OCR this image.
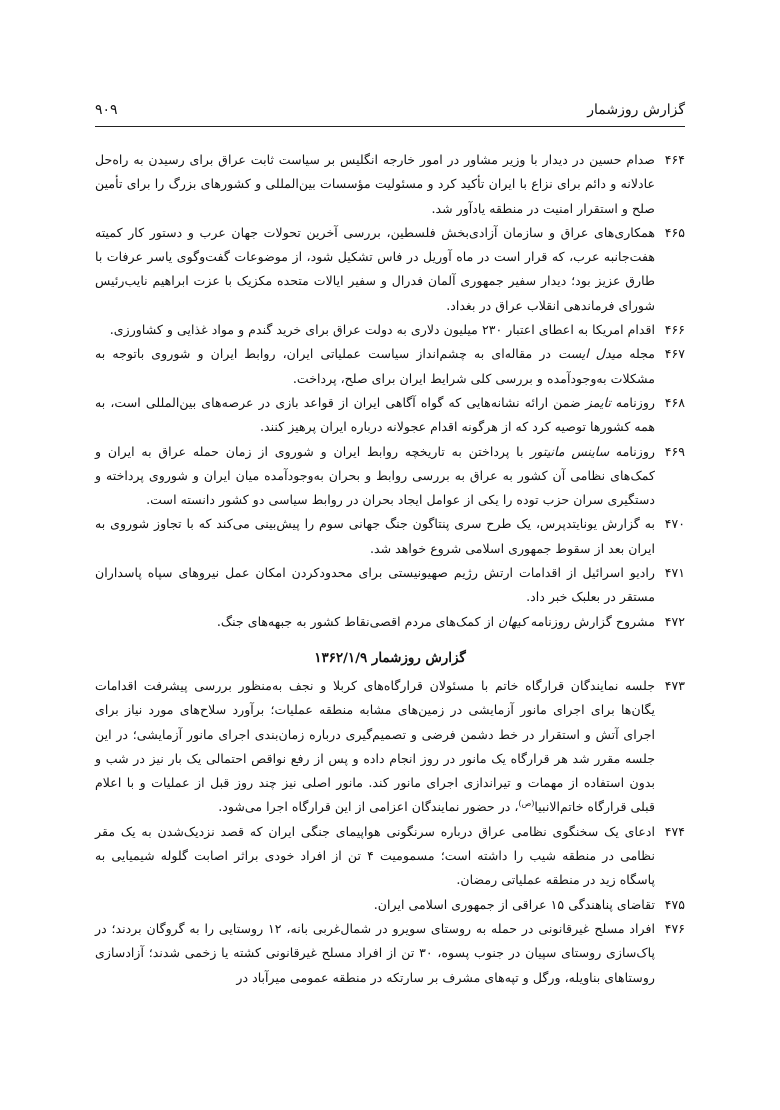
گزارش روزشمار
۹۰۹
۴۶۴
صدام حسین در دیدار با وزیر مشاور در امور خارجه انگلیس بر سیاست ثابت عراق برای رسیدن به راه‌حل عادلانه و دائم برای نزاع با ایران تأکید کرد و مسئولیت مؤسسات بین‌المللی و کشورهای بزرگ را برای تأمین صلح و استقرار امنیت در منطقه یادآور شد.
۴۶۵
همکاری‌های عراق و سازمان آزادی‌بخش فلسطین، بررسی آخرین تحولات جهان عرب و دستور کار کمیته هفت‌جانبه عرب، که قرار است در ماه آوریل در فاس تشکیل شود، از موضوعات گفت‌وگوی یاسر عرفات با طارق عزیز بود؛ دیدار سفیر جمهوری آلمان فدرال و سفیر ایالات متحده مکزیک با عزت ابراهیم نایب‌رئیس شورای فرماندهی انقلاب عراق در بغداد.
۴۶۶
اقدام امریکا به اعطای اعتبار ۲۳۰ میلیون دلاری به دولت عراق برای خرید گندم و مواد غذایی و کشاورزی.
۴۶۷
مجله میدل ایست در مقاله‌ای به چشم‌انداز سیاست عملیاتی ایران، روابط ایران و شوروی باتوجه به مشکلات به‌وجودآمده و بررسی کلی شرایط ایران برای صلح، پرداخت.
۴۶۸
روزنامه تایمز ضمن ارائه نشانه‌هایی که گواه آگاهی ایران از قواعد بازی در عرصه‌های بین‌المللی است، به همه کشورها توصیه کرد که از هرگونه اقدام عجولانه درباره ایران پرهیز کنند.
۴۶۹
روزنامه ساینس مانیتور با پرداختن به تاریخچه روابط ایران و شوروی از زمان حمله عراق به ایران و کمک‌های نظامی آن کشور به عراق به بررسی روابط و بحران به‌وجودآمده میان ایران و شوروی پرداخته و دستگیری سران حزب توده را یکی از عوامل ایجاد بحران در روابط سیاسی دو کشور دانسته است.
۴۷۰
به گزارش یونایتدپرس، یک طرح سری پنتاگون جنگ جهانی سوم را پیش‌بینی می‌کند که با تجاوز شوروی به ایران بعد از سقوط جمهوری اسلامی شروع خواهد شد.
۴۷۱
رادیو اسرائیل از اقدامات ارتش رژیم صهیونیستی برای محدودکردن امکان عمل نیروهای سپاه پاسداران مستقر در بعلبک خبر داد.
۴۷۲
مشروح گزارش روزنامه کیهان از کمک‌های مردم اقصی‌نقاط کشور به جبهه‌های جنگ.
گزارش روزشمار ۱۳۶۲/۱/۹
۴۷۳
جلسه نمایندگان قرارگاه خاتم با مسئولان قرارگاه‌های کربلا و نجف به‌منظور بررسی پیشرفت اقدامات یگان‌ها برای اجرای مانور آزمایشی در زمین‌های مشابه منطقه عملیات؛ برآورد سلاح‌های مورد نیاز برای اجرای آتش و استقرار در خط دشمن فرضی و تصمیم‌گیری درباره زمان‌بندی اجرای مانور آزمایشی؛ در این جلسه مقرر شد هر قرارگاه یک مانور در روز انجام داده و پس از رفع نواقص احتمالی یک بار نیز در شب و بدون استفاده از مهمات و تیراندازی اجرای مانور کند. مانور اصلی نیز چند روز قبل از عملیات و با اعلام قبلی قرارگاه خاتم‌الانبیا$^{(ص)}$، در حضور نمایندگان اعزامی از این قرارگاه اجرا می‌شود.
۴۷۴
ادعای یک سخنگوی نظامی عراق درباره سرنگونی هواپیمای جنگی ایران که قصد نزدیک‌شدن به یک مقر نظامی در منطقه شیب را داشته است؛ مسمومیت ۴ تن از افراد خودی براثر اصابت گلوله شیمیایی به پاسگاه زید در منطقه عملیاتی رمضان.
۴۷۵
تقاضای پناهندگی ۱۵ عراقی از جمهوری اسلامی ایران.
۴۷۶
افراد مسلح غیرقانونی در حمله به روستای سویرو در شمال‌غربی بانه، ۱۲ روستایی را به گروگان بردند؛ در پاک‌سازی روستای سپیان در جنوب پسوه، ۳۰ تن از افراد مسلح غیرقانونی کشته یا زخمی شدند؛ آزادسازی روستاهای بناویله، ورگل و تپه‌های مشرف بر سارتکه در منطقه عمومی میرآباد در
